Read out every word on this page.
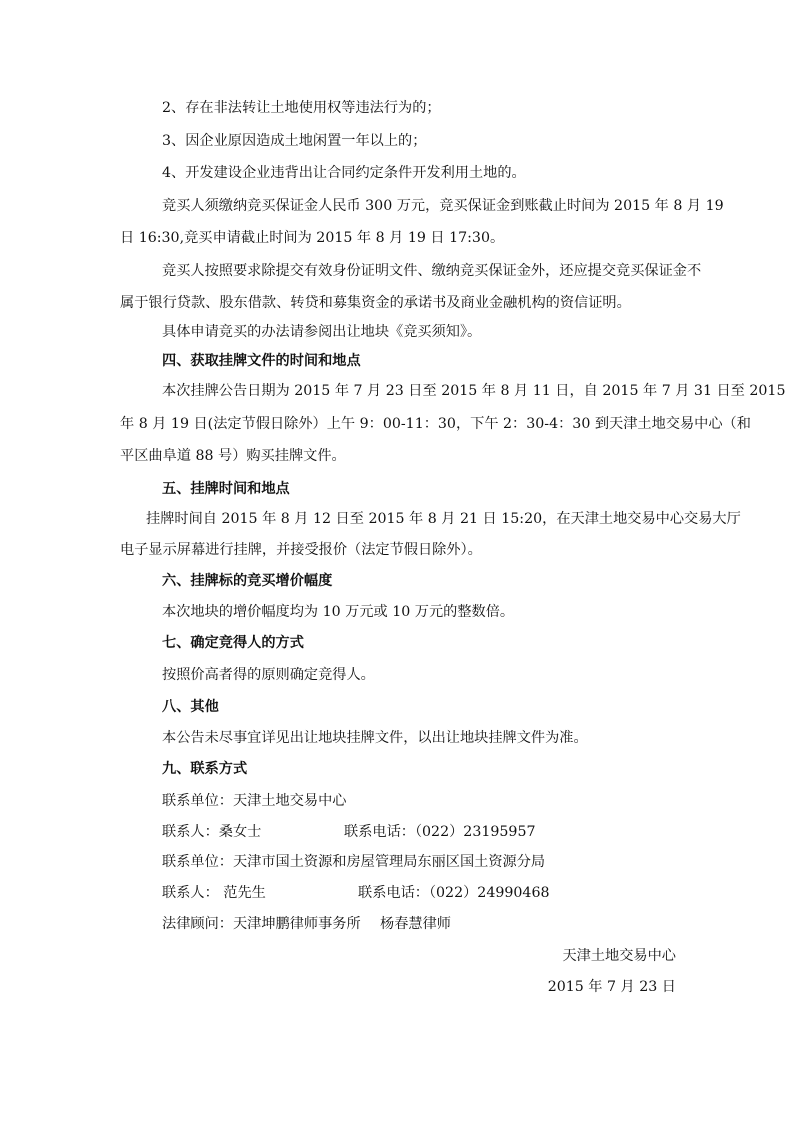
2、存在非法转让土地使用权等违法行为的；
3、因企业原因造成土地闲置一年以上的；
4、开发建设企业违背出让合同约定条件开发利用土地的。
竞买人须缴纳竞买保证金人民币 300 万元，竞买保证金到账截止时间为 2015 年 8 月 19
日 16:30,竞买申请截止时间为 2015 年 8 月 19 日 17:30。
竞买人按照要求除提交有效身份证明文件、缴纳竞买保证金外，还应提交竞买保证金不
属于银行贷款、股东借款、转贷和募集资金的承诺书及商业金融机构的资信证明。
具体申请竞买的办法请参阅出让地块《竞买须知》。
四、获取挂牌文件的时间和地点
本次挂牌公告日期为 2015 年 7 月 23 日至 2015 年 8 月 11 日，自 2015 年 7 月 31 日至 2015
年 8 月 19 日(法定节假日除外）上午 9：00-11：30，下午 2：30-4：30 到天津土地交易中心（和
平区曲阜道 88 号）购买挂牌文件。
五、挂牌时间和地点
挂牌时间自 2015 年 8 月 12 日至 2015 年 8 月 21 日 15:20，在天津土地交易中心交易大厅
电子显示屏幕进行挂牌，并接受报价（法定节假日除外）。
六、挂牌标的竞买增价幅度
本次地块的增价幅度均为 10 万元或 10 万元的整数倍。
七、确定竞得人的方式
按照价高者得的原则确定竞得人。
八、其他
本公告未尽事宜详见出让地块挂牌文件，以出让地块挂牌文件为准。
九、联系方式
联系单位：天津土地交易中心
联系人：桑女士	联系电话：（022）23195957
联系单位：天津市国土资源和房屋管理局东丽区国土资源分局
联系人： 范先生	联系电话：（022）24990468
法律顾问：天津坤鹏律师事务所 杨春慧律师
天津土地交易中心
2015 年 7 月 23 日
